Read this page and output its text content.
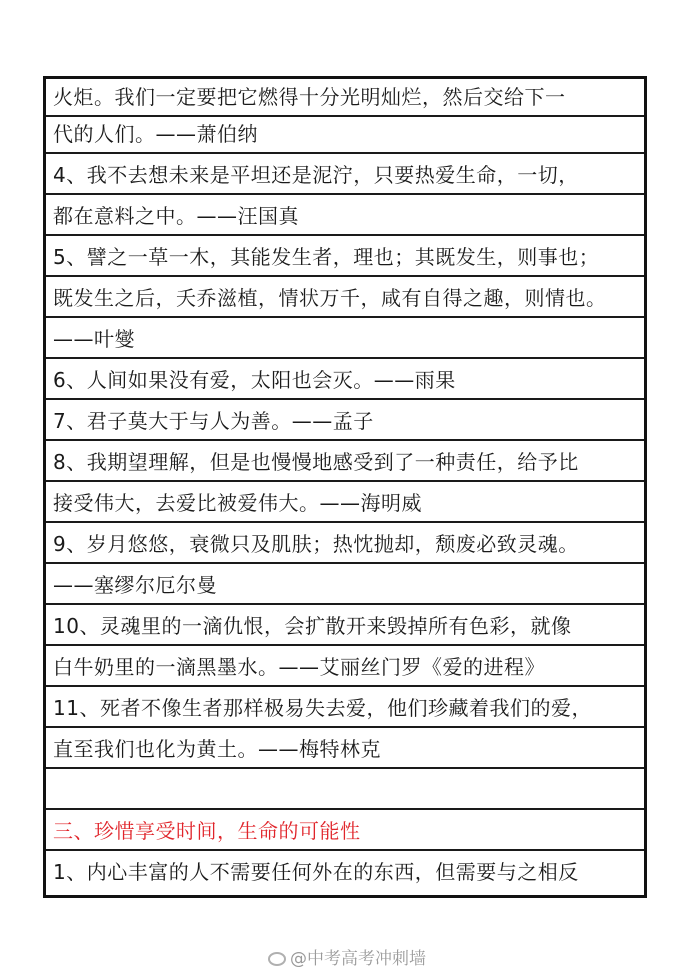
火炬。我们一定要把它燃得十分光明灿烂，然后交给下一
代的人们。——萧伯纳
4、我不去想未来是平坦还是泥泞，只要热爱生命，一切，
都在意料之中。——汪国真
5、譬之一草一木，其能发生者，理也；其既发生，则事也；
既发生之后，夭乔滋植，情状万千，咸有自得之趣，则情也。
——叶燮
6、人间如果没有爱，太阳也会灭。——雨果
7、君子莫大于与人为善。——孟子
8、我期望理解，但是也慢慢地感受到了一种责任，给予比
接受伟大，去爱比被爱伟大。——海明威
9、岁月悠悠，衰微只及肌肤；热忱抛却，颓废必致灵魂。
——塞缪尔厄尔曼
10、灵魂里的一滴仇恨，会扩散开来毁掉所有色彩，就像
白牛奶里的一滴黑墨水。——艾丽丝门罗《爱的进程》
11、死者不像生者那样极易失去爱，他们珍藏着我们的爱，
直至我们也化为黄土。——梅特林克
三、珍惜享受时间，生命的可能性
1、内心丰富的人不需要任何外在的东西，但需要与之相反
@中考高考冲刺墙
